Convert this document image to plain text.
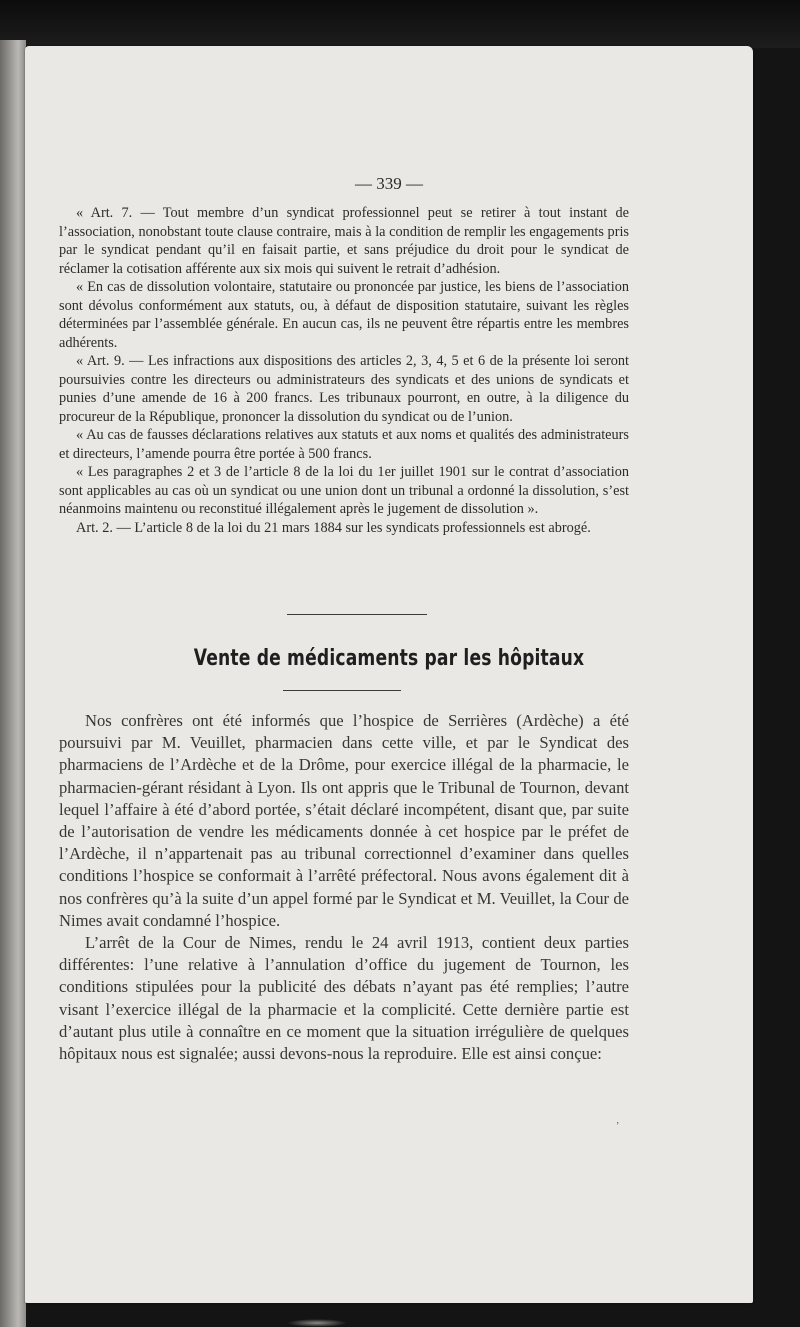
— 339 —

« Art. 7. — Tout membre d’un syndicat professionnel peut se retirer à tout instant de l’association, nonobstant toute clause contraire, mais à la condition de remplir les engagements pris par le syndicat pendant qu’il en faisait partie, et sans préjudice du droit pour le syndicat de réclamer la cotisation afférente aux six mois qui suivent le retrait d’adhésion.

« En cas de dissolution volontaire, statutaire ou prononcée par justice, les biens de l’association sont dévolus conformément aux statuts, ou, à défaut de disposition statutaire, suivant les règles déterminées par l’assemblée générale. En aucun cas, ils ne peuvent être répartis entre les membres adhérents.

« Art. 9. — Les infractions aux dispositions des articles 2, 3, 4, 5 et 6 de la présente loi seront poursuivies contre les directeurs ou administrateurs des syndicats et des unions de syndicats et punies d’une amende de 16 à 200 francs. Les tribunaux pourront, en outre, à la diligence du procureur de la République, prononcer la dissolution du syndicat ou de l’union.

« Au cas de fausses déclarations relatives aux statuts et aux noms et qualités des administrateurs et directeurs, l’amende pourra être portée à 500 francs.

« Les paragraphes 2 et 3 de l’article 8 de la loi du 1er juillet 1901 sur le contrat d’association sont applicables au cas où un syndicat ou une union dont un tribunal a ordonné la dissolution, s’est néanmoins maintenu ou reconstitué illégalement après le jugement de dissolution ».

Art. 2. — L’article 8 de la loi du 21 mars 1884 sur les syndicats professionnels est abrogé.

Vente de médicaments par les hôpitaux

Nos confrères ont été informés que l’hospice de Serrières (Ardèche) a été poursuivi par M. Veuillet, pharmacien dans cette ville, et par le Syndicat des pharmaciens de l’Ardèche et de la Drôme, pour exercice illégal de la pharmacie, le pharmacien-gérant résidant à Lyon. Ils ont appris que le Tribunal de Tournon, devant lequel l’affaire à été d’abord portée, s’était déclaré incompétent, disant que, par suite de l’autorisation de vendre les médicaments donnée à cet hospice par le préfet de l’Ardèche, il n’appartenait pas au tribunal correctionnel d’examiner dans quelles conditions l’hospice se conformait à l’arrêté préfectoral. Nous avons également dit à nos confrères qu’à la suite d’un appel formé par le Syndicat et M. Veuillet, la Cour de Nimes avait condamné l’hospice.

L’arrêt de la Cour de Nimes, rendu le 24 avril 1913, contient deux parties différentes: l’une relative à l’annulation d’office du jugement de Tournon, les conditions stipulées pour la publicité des débats n’ayant pas été remplies; l’autre visant l’exercice illégal de la pharmacie et la complicité. Cette dernière partie est d’autant plus utile à connaître en ce moment que la situation irrégulière de quelques hôpitaux nous est signalée; aussi devons-nous la reproduire. Elle est ainsi conçue:

’
